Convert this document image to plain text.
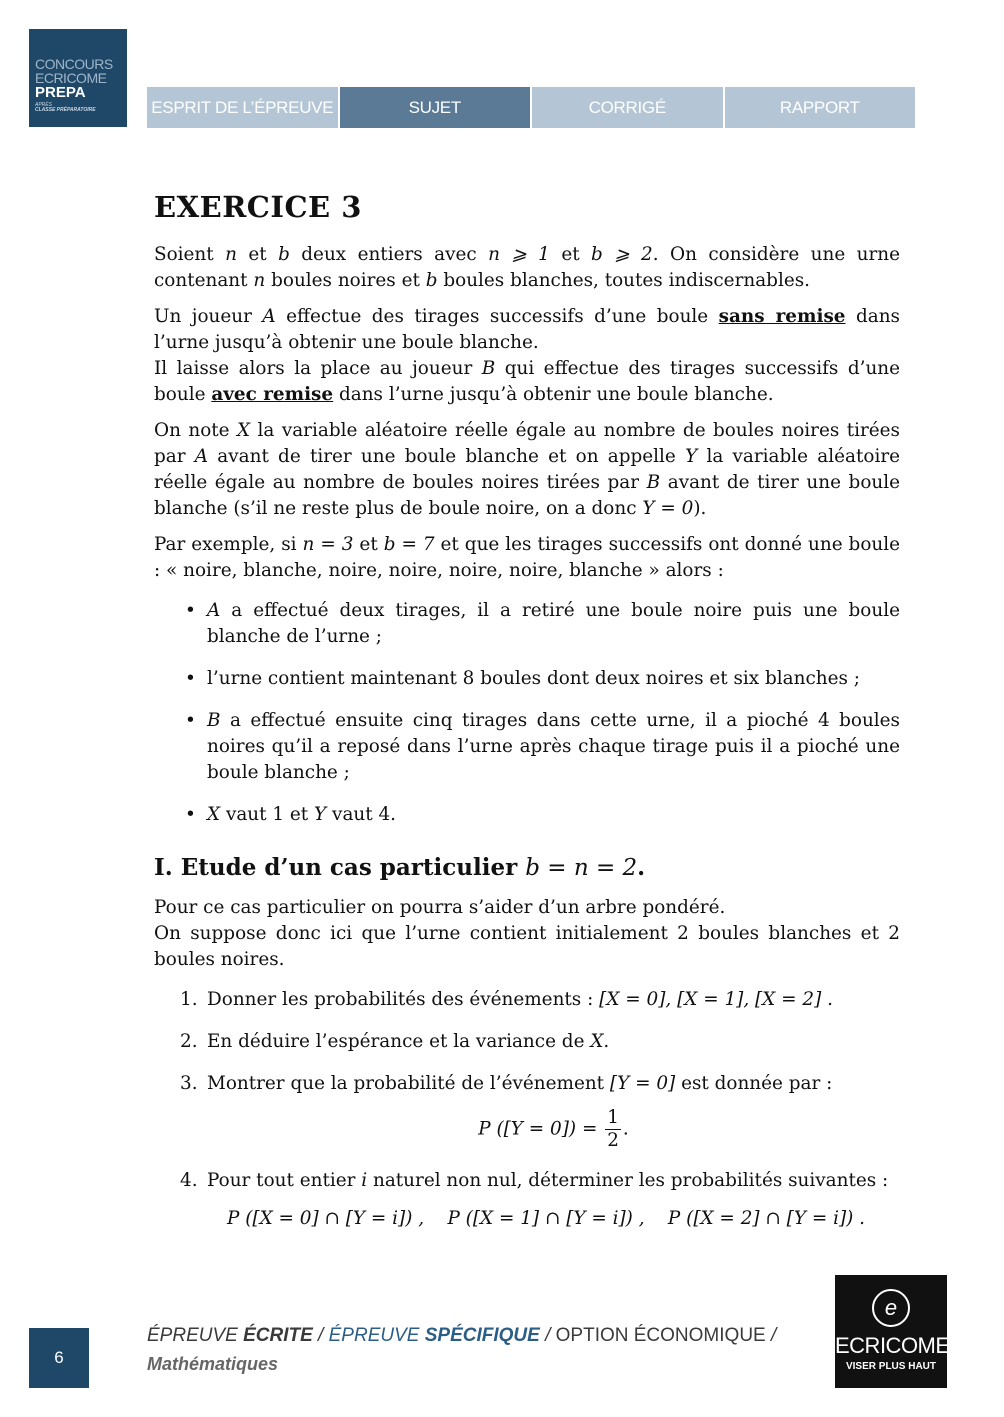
CONCOURS
ECRICOME
PREPA
APRÈS
CLASSE PRÉPARATOIRE	ESPRIT DE L’ÉPREUVE	SUJET	CORRIGÉ	RAPPORT
EXERCICE 3

Soient n et b deux entiers avec n ⩾ 1 et b ⩾ 2. On considère une urne contenant n boules noires et b boules blanches, toutes indiscernables.

Un joueur A effectue des tirages successifs d’une boule sans remise dans l’urne jusqu’à obtenir une boule blanche.
Il laisse alors la place au joueur B qui effectue des tirages successifs d’une boule avec remise dans l’urne jusqu’à obtenir une boule blanche.

On note X la variable aléatoire réelle égale au nombre de boules noires tirées par A avant de tirer une boule blanche et on appelle Y la variable aléatoire réelle égale au nombre de boules noires tirées par B avant de tirer une boule blanche (s’il ne reste plus de boule noire, on a donc Y = 0).

Par exemple, si n = 3 et b = 7 et que les tirages successifs ont donné une boule : « noire, blanche, noire, noire, noire, noire, blanche » alors :

• A a effectué deux tirages, il a retiré une boule noire puis une boule blanche de l’urne ;
• l’urne contient maintenant 8 boules dont deux noires et six blanches ;
• B a effectué ensuite cinq tirages dans cette urne, il a pioché 4 boules noires qu’il a reposé dans l’urne après chaque tirage puis il a pioché une boule blanche ;
• X vaut 1 et Y vaut 4.
I. Etude d’un cas particulier b = n = 2.

Pour ce cas particulier on pourra s’aider d’un arbre pondéré.
On suppose donc ici que l’urne contient initialement 2 boules blanches et 2 boules noires.

1. Donner les probabilités des événements : [X = 0], [X = 1], [X = 2] .
2. En déduire l’espérance et la variance de X.
3. Montrer que la probabilité de l’événement [Y = 0] est donnée par :
P $([Y = 0]) = \frac{1}{2}$ .
4. Pour tout entier i naturel non nul, déterminer les probabilités suivantes :
P ([X = 0] ∩ [Y = i]) ,    P ([X = 1] ∩ [Y = i]) ,    P ([X = 2] ∩ [Y = i]) .
6
ÉPREUVE ÉCRITE / ÉPREUVE SPÉCIFIQUE / OPTION ÉCONOMIQUE /
Mathématiques
e
ECRICOME
VISER PLUS HAUT
